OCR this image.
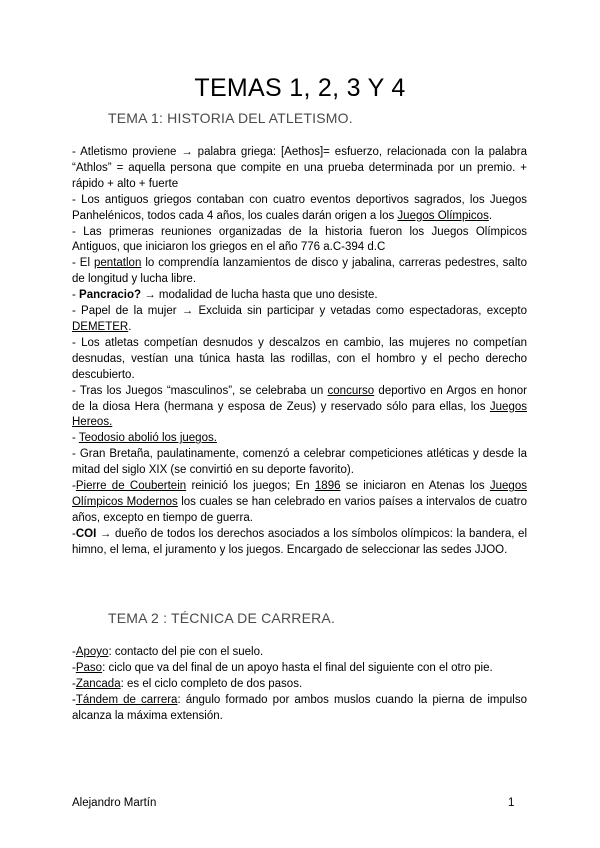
TEMAS 1, 2, 3 Y 4
TEMA 1: HISTORIA DEL ATLETISMO.

- Atletismo proviene → palabra griega: [Aethos]= esfuerzo, relacionada con la palabra “Athlos” = aquella persona que compite en una prueba determinada por un premio. + rápido + alto + fuerte

- Los antiguos griegos contaban con cuatro eventos deportivos sagrados, los Juegos Panhelénicos, todos cada 4 años, los cuales darán origen a los Juegos Olímpicos.

- Las primeras reuniones organizadas de la historia fueron los Juegos Olímpicos Antiguos, que iniciaron los griegos en el año 776 a.C-394 d.C

- El pentatlon lo comprendía lanzamientos de disco y jabalina, carreras pedestres, salto de longitud y lucha libre.

- Pancracio? → modalidad de lucha hasta que uno desiste.

- Papel de la mujer → Excluida sin participar y vetadas como espectadoras, excepto DEMETER.

- Los atletas competían desnudos y descalzos en cambio, las mujeres no competían desnudas, vestían una túnica hasta las rodillas, con el hombro y el pecho derecho descubierto.

- Tras los Juegos “masculinos”, se celebraba un concurso deportivo en Argos en honor de la diosa Hera (hermana y esposa de Zeus) y reservado sólo para ellas, los Juegos Hereos.

- Teodosio abolió los juegos.

- Gran Bretaña, paulatinamente, comenzó a celebrar competiciones atléticas y desde la mitad del siglo XIX (se convirtió en su deporte favorito).

-Pierre de Coubertein reinició los juegos; En 1896 se iniciaron en Atenas los Juegos Olímpicos Modernos los cuales se han celebrado en varios países a intervalos de cuatro años, excepto en tiempo de guerra.

-COI → dueño de todos los derechos asociados a los símbolos olímpicos: la bandera, el himno, el lema, el juramento y los juegos. Encargado de seleccionar las sedes JJOO.

TEMA 2 : TÉCNICA DE CARRERA.

-Apoyo: contacto del pie con el suelo.

-Paso: ciclo que va del final de un apoyo hasta el final del siguiente con el otro pie.

-Zancada: es el ciclo completo de dos pasos.

-Tándem de carrera: ángulo formado por ambos muslos cuando la pierna de impulso alcanza la máxima extensión.

Alejandro Martín	1
